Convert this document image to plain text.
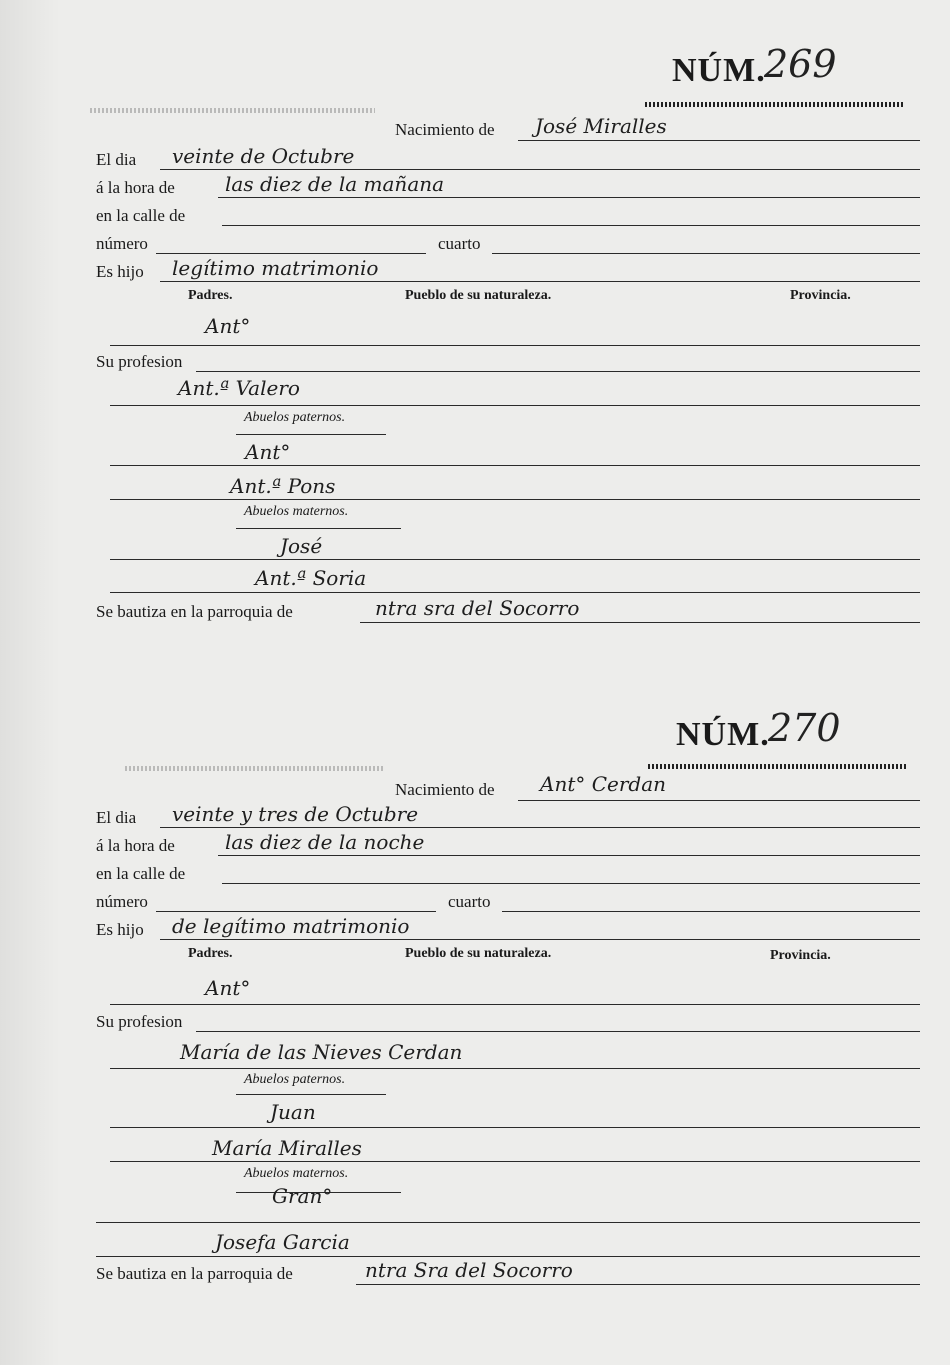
NÚM.
269
Nacimiento de José Miralles
El dia veinte de Octubre
á la hora de	las diez de la mañana
en la calle de
número	cuarto
Es hijo legítimo matrimonio
Padres.	Pueblo de su naturaleza.	Provincia.
Ant°
Su profesion
Ant.ª Valero
Abuelos paternos.
Ant°
Ant.ª Pons
Abuelos maternos.
José
Ant.ª Soria
Se bautiza en la parroquia de	ntra sra del Socorro
NÚM.
270
Nacimiento de Ant° Cerdan
El dia veinte y tres de Octubre
á la hora de	las diez de la noche
en la calle de
número	cuarto
Es hijo de legítimo matrimonio
Padres.	Pueblo de su naturaleza.	Provincia.
Ant°
Su profesion
María de las Nieves Cerdan
Abuelos paternos.
Juan
María Miralles
Abuelos maternos.
Gran°
Josefa Garcia
Se bautiza en la parroquia de	ntra Sra del Socorro
